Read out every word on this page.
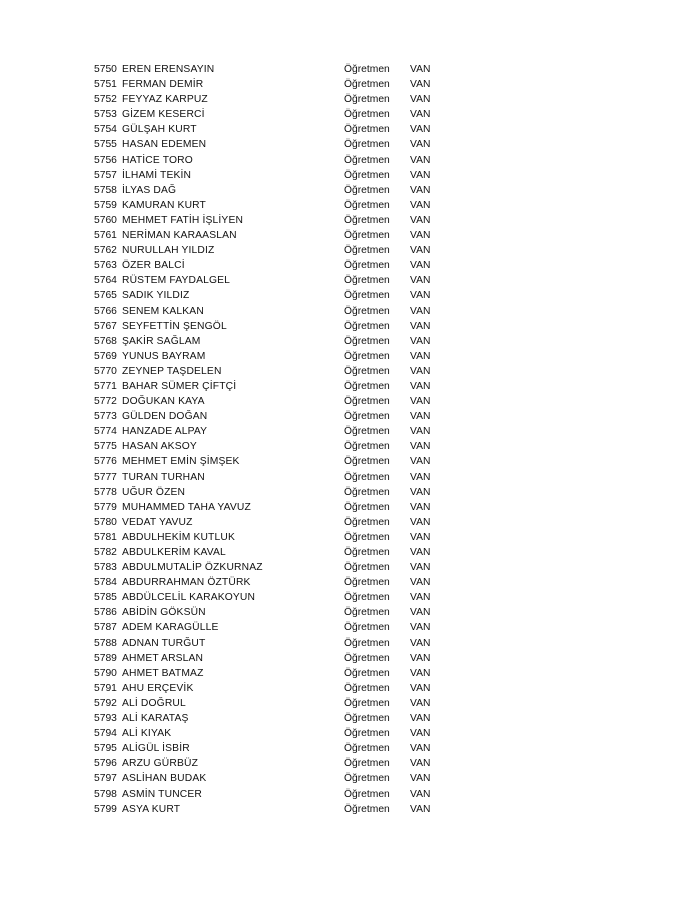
5750 EREN ERENSAYIN	Öğretmen	VAN
5751 FERMAN DEMİR	Öğretmen	VAN
5752 FEYYAZ KARPUZ	Öğretmen	VAN
5753 GİZEM KESERCİ	Öğretmen	VAN
5754 GÜLŞAH KURT	Öğretmen	VAN
5755 HASAN EDEMEN	Öğretmen	VAN
5756 HATİCE TORO	Öğretmen	VAN
5757 İLHAMİ TEKİN	Öğretmen	VAN
5758 İLYAS DAĞ	Öğretmen	VAN
5759 KAMURAN KURT	Öğretmen	VAN
5760 MEHMET FATİH İŞLİYEN	Öğretmen	VAN
5761 NERİMAN KARAASLAN	Öğretmen	VAN
5762 NURULLAH YILDIZ	Öğretmen	VAN
5763 ÖZER BALCİ	Öğretmen	VAN
5764 RÜSTEM FAYDALGEL	Öğretmen	VAN
5765 SADIK YILDIZ	Öğretmen	VAN
5766 SENEM KALKAN	Öğretmen	VAN
5767 SEYFETTİN ŞENGÖL	Öğretmen	VAN
5768 ŞAKİR SAĞLAM	Öğretmen	VAN
5769 YUNUS BAYRAM	Öğretmen	VAN
5770 ZEYNEP TAŞDELEN	Öğretmen	VAN
5771 BAHAR SÜMER ÇİFTÇİ	Öğretmen	VAN
5772 DOĞUKAN KAYA	Öğretmen	VAN
5773 GÜLDEN DOĞAN	Öğretmen	VAN
5774 HANZADE ALPAY	Öğretmen	VAN
5775 HASAN AKSOY	Öğretmen	VAN
5776 MEHMET EMİN ŞİMŞEK	Öğretmen	VAN
5777 TURAN TURHAN	Öğretmen	VAN
5778 UĞUR ÖZEN	Öğretmen	VAN
5779 MUHAMMED TAHA YAVUZ	Öğretmen	VAN
5780 VEDAT YAVUZ	Öğretmen	VAN
5781 ABDULHEKİM KUTLUK	Öğretmen	VAN
5782 ABDULKERİM KAVAL	Öğretmen	VAN
5783 ABDULMUTALİP ÖZKURNAZ	Öğretmen	VAN
5784 ABDURRAHMAN ÖZTÜRK	Öğretmen	VAN
5785 ABDÜLCELİL KARAKOYUN	Öğretmen	VAN
5786 ABİDİN GÖKSÜN	Öğretmen	VAN
5787 ADEM KARAGÜLLE	Öğretmen	VAN
5788 ADNAN TURĞUT	Öğretmen	VAN
5789 AHMET ARSLAN	Öğretmen	VAN
5790 AHMET BATMAZ	Öğretmen	VAN
5791 AHU ERÇEVİK	Öğretmen	VAN
5792 ALİ DOĞRUL	Öğretmen	VAN
5793 ALİ KARATAŞ	Öğretmen	VAN
5794 ALİ KIYAK	Öğretmen	VAN
5795 ALİGÜL İSBİR	Öğretmen	VAN
5796 ARZU GÜRBÜZ	Öğretmen	VAN
5797 ASLİHAN BUDAK	Öğretmen	VAN
5798 ASMİN TUNCER	Öğretmen	VAN
5799 ASYA KURT	Öğretmen	VAN
